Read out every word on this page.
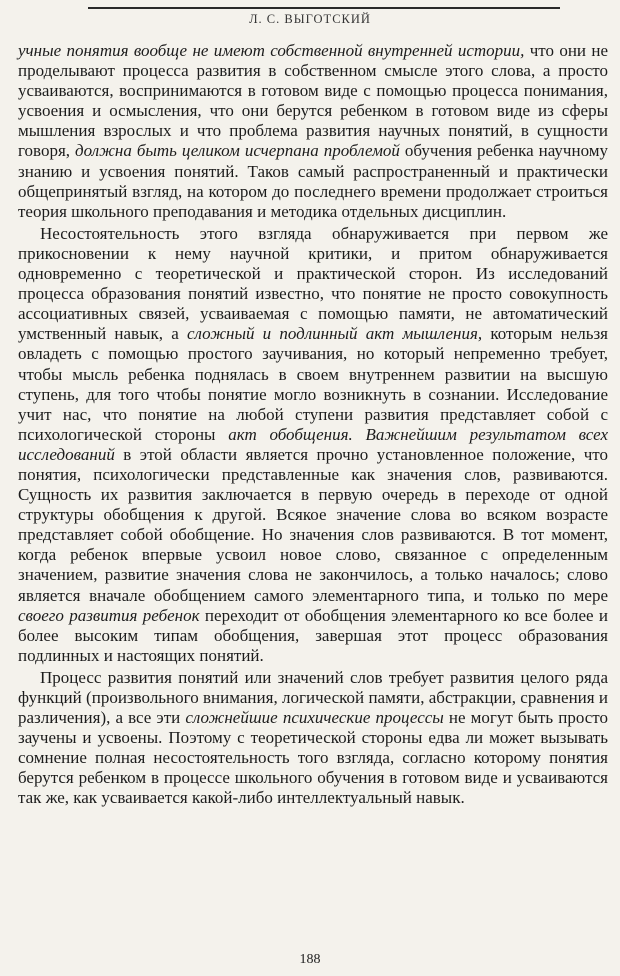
Л. С. ВЫГОТСКИЙ

учные понятия вообще не имеют собственной внутренней истории, что они не проделывают процесса развития в собственном смысле этого слова, а просто усваиваются, воспринимаются в готовом виде с помощью процесса понимания, усвоения и осмысления, что они берутся ребенком в готовом виде из сферы мышления взрослых и что проблема развития научных понятий, в сущности говоря, должна быть целиком исчерпана проблемой обучения ребенка научному знанию и усвоения понятий. Таков самый распространенный и практически общепринятый взгляд, на котором до последнего времени продолжает строиться теория школьного преподавания и методика отдельных дисциплин.

Несостоятельность этого взгляда обнаруживается при первом же прикосновении к нему научной критики, и притом обнаруживается одновременно с теоретической и практической сторон. Из исследований процесса образования понятий известно, что понятие не просто совокупность ассоциативных связей, усваиваемая с помощью памяти, не автоматический умственный навык, а сложный и подлинный акт мышления, которым нельзя овладеть с помощью простого заучивания, но который непременно требует, чтобы мысль ребенка поднялась в своем внутреннем развитии на высшую ступень, для того чтобы понятие могло возникнуть в сознании. Исследование учит нас, что понятие на любой ступени развития представляет собой с психологической стороны акт обобщения. Важнейшим результатом всех исследований в этой области является прочно установленное положение, что понятия, психологически представленные как значения слов, развиваются. Сущность их развития заключается в первую очередь в переходе от одной структуры обобщения к другой. Всякое значение слова во всяком возрасте представляет собой обобщение. Но значения слов развиваются. В тот момент, когда ребенок впервые усвоил новое слово, связанное с определенным значением, развитие значения слова не закончилось, а только началось; слово является вначале обобщением самого элементарного типа, и только по мере своего развития ребенок переходит от обобщения элементарного ко все более и более высоким типам обобщения, завершая этот процесс образования подлинных и настоящих понятий.

Процесс развития понятий или значений слов требует развития целого ряда функций (произвольного внимания, логической памяти, абстракции, сравнения и различения), а все эти сложнейшие психические процессы не могут быть просто заучены и усвоены. Поэтому с теоретической стороны едва ли может вызывать сомнение полная несостоятельность того взгляда, согласно которому понятия берутся ребенком в процессе школьного обучения в готовом виде и усваиваются так же, как усваивается какой-либо интеллектуальный навык.

188
